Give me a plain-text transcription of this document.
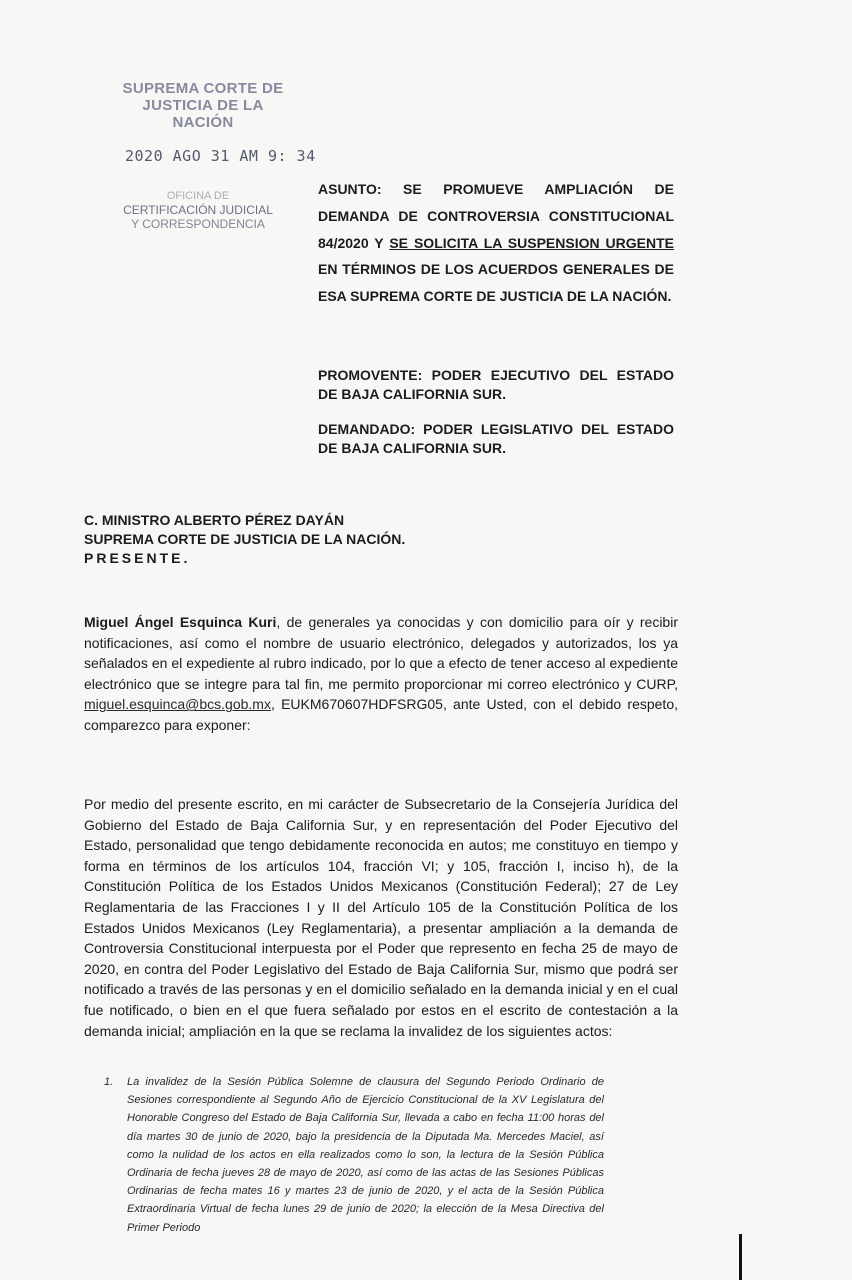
SUPREMA CORTE DE
JUSTICIA DE LA NACIÓN
2020 AGO 31 AM 9: 34
OFICINA DE
CERTIFICACIÓN JUDICIAL
Y CORRESPONDENCIA
ASUNTO: SE PROMUEVE AMPLIACIÓN DE DEMANDA DE CONTROVERSIA CONSTITUCIONAL 84/2020 Y SE SOLICITA LA SUSPENSION URGENTE EN TÉRMINOS DE LOS ACUERDOS GENERALES DE ESA SUPREMA CORTE DE JUSTICIA DE LA NACIÓN.
PROMOVENTE: PODER EJECUTIVO DEL ESTADO DE BAJA CALIFORNIA SUR.
DEMANDADO: PODER LEGISLATIVO DEL ESTADO DE BAJA CALIFORNIA SUR.
C. MINISTRO ALBERTO PÉREZ DAYÁN
SUPREMA CORTE DE JUSTICIA DE LA NACIÓN.
PRESENTE.
Miguel Ángel Esquinca Kuri, de generales ya conocidas y con domicilio para oír y recibir notificaciones, así como el nombre de usuario electrónico, delegados y autorizados, los ya señalados en el expediente al rubro indicado, por lo que a efecto de tener acceso al expediente electrónico que se integre para tal fin, me permito proporcionar mi correo electrónico y CURP, miguel.esquinca@bcs.gob.mx, EUKM670607HDFSRG05, ante Usted, con el debido respeto, comparezco para exponer:
Por medio del presente escrito, en mi carácter de Subsecretario de la Consejería Jurídica del Gobierno del Estado de Baja California Sur, y en representación del Poder Ejecutivo del Estado, personalidad que tengo debidamente reconocida en autos; me constituyo en tiempo y forma en términos de los artículos 104, fracción VI; y 105, fracción I, inciso h), de la Constitución Política de los Estados Unidos Mexicanos (Constitución Federal); 27 de Ley Reglamentaria de las Fracciones I y II del Artículo 105 de la Constitución Política de los Estados Unidos Mexicanos (Ley Reglamentaria), a presentar ampliación a la demanda de Controversia Constitucional interpuesta por el Poder que represento en fecha 25 de mayo de 2020, en contra del Poder Legislativo del Estado de Baja California Sur, mismo que podrá ser notificado a través de las personas y en el domicilio señalado en la demanda inicial y en el cual fue notificado, o bien en el que fuera señalado por estos en el escrito de contestación a la demanda inicial; ampliación en la que se reclama la invalidez de los siguientes actos:
1. La invalidez de la Sesión Pública Solemne de clausura del Segundo Periodo Ordinario de Sesiones correspondiente al Segundo Año de Ejercicio Constitucional de la XV Legislatura del Honorable Congreso del Estado de Baja California Sur, llevada a cabo en fecha 11:00 horas del día martes 30 de junio de 2020, bajo la presidencia de la Diputada Ma. Mercedes Maciel, así como la nulidad de los actos en ella realizados como lo son, la lectura de la Sesión Pública Ordinaria de fecha jueves 28 de mayo de 2020, así como de las actas de las Sesiones Públicas Ordinarias de fecha mates 16 y martes 23 de junio de 2020, y el acta de la Sesión Pública Extraordinaria Virtual de fecha lunes 29 de junio de 2020; la elección de la Mesa Directiva del Primer Periodo
